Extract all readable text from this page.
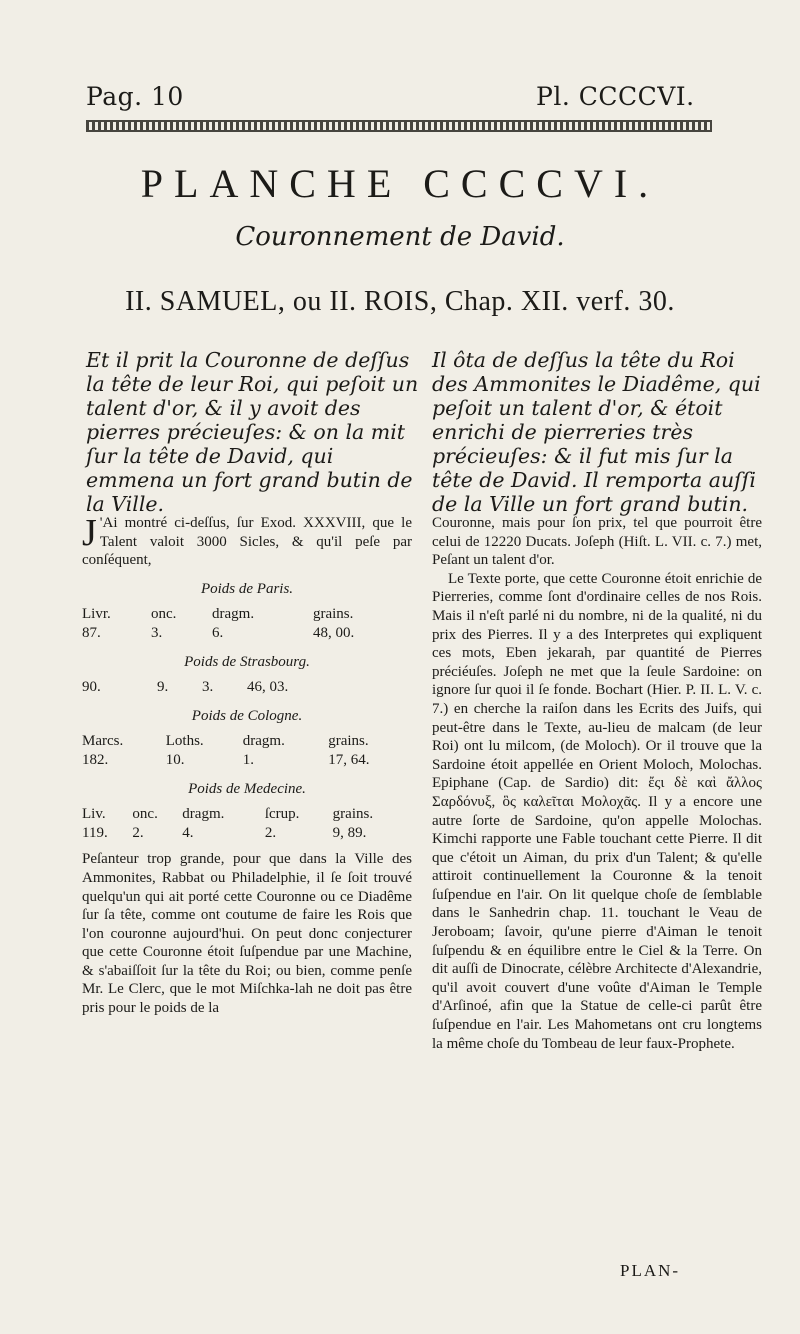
Pag. 10	Pl. CCCCVI.
PLANCHE CCCCVI.
Couronnement de David.
II. SAMUEL, ou II. ROIS, Chap. XII. verf. 30.
Et il prit la Couronne de deſſus la tête de leur Roi, qui peſoit un talent d'or, & il y avoit des pierres précieuſes: & on la mit ſur la tête de David, qui emmena un fort grand butin de la Ville.
Il ôta de deſſus la tête du Roi des Ammonites le Diadême, qui peſoit un talent d'or, & étoit enrichi de pierreries très précieuſes: & il fut mis ſur la tête de David. Il remporta auſſi de la Ville un fort grand butin.

J 'Ai montré ci-deſſus, ſur Exod. XXXVIII, que le Talent valoit 3000 Sicles, & qu'il peſe par conſéquent,

Poids de Paris.
Livr.	onc.	dragm.	grains.
87.	3.	6.	48, 00.
Poids de Strasbourg.
90.	9.	3.	46, 03.
Poids de Cologne.
Marcs.	Loths.	dragm.	grains.
182.	10.	1.	17, 64.
Poids de Medecine.
Liv.	onc.	dragm.	ſcrup.	grains.
119.	2.	4.	2.	9, 89.

Peſanteur trop grande, pour que dans la Ville des Ammonites, Rabbat ou Philadelphie, il ſe ſoit trouvé quelqu'un qui ait porté cette Couronne ou ce Diadême ſur ſa tête, comme ont coutume de faire les Rois que l'on couronne aujourd'hui. On peut donc conjecturer que cette Couronne étoit ſuſpendue par une Machine, & s'abaiſſoit ſur la tête du Roi; ou bien, comme penſe Mr. Le Clerc, que le mot Miſchka-lah ne doit pas être pris pour le poids de la

Couronne, mais pour ſon prix, tel que pourroit être celui de 12220 Ducats. Joſeph (Hiſt. L. VII. c. 7.) met, Peſant un talent d'or.

Le Texte porte, que cette Couronne étoit enrichie de Pierreries, comme ſont d'ordinaire celles de nos Rois. Mais il n'eſt parlé ni du nombre, ni de la qualité, ni du prix des Pierres. Il y a des Interpretes qui expliquent ces mots, Eben jekarah, par quantité de Pierres préciéuſes. Joſeph ne met que la ſeule Sardoine: on ignore ſur quoi il ſe fonde. Bochart (Hier. P. II. L. V. c. 7.) en cherche la raiſon dans les Ecrits des Juifs, qui peut-être dans le Texte, au-lieu de malcam (de leur Roi) ont lu milcom, (de Moloch). Or il trouve que la Sardoine étoit appellée en Orient Moloch, Molochas. Epiphane (Cap. de Sardio) dit: ἔςι δὲ καὶ ἄλλος Σαρδόνυξ, ὃς καλεῖται Μολοχᾶς. Il y a encore une autre ſorte de Sardoine, qu'on appelle Molochas. Kimchi rapporte une Fable touchant cette Pierre. Il dit que c'étoit un Aiman, du prix d'un Talent; & qu'elle attiroit continuellement la Couronne & la tenoit ſuſpendue en l'air. On lit quelque choſe de ſemblable dans le Sanhedrin chap. 11. touchant le Veau de Jeroboam; ſavoir, qu'une pierre d'Aiman le tenoit ſuſpendu & en équilibre entre le Ciel & la Terre. On dit auſſi de Dinocrate, célèbre Architecte d'Alexandrie, qu'il avoit couvert d'une voûte d'Aiman le Temple d'Arſinoé, afin que la Statue de celle-ci parût être ſuſpendue en l'air. Les Mahometans ont cru longtems la même choſe du Tombeau de leur faux-Prophete.

PLAN-
